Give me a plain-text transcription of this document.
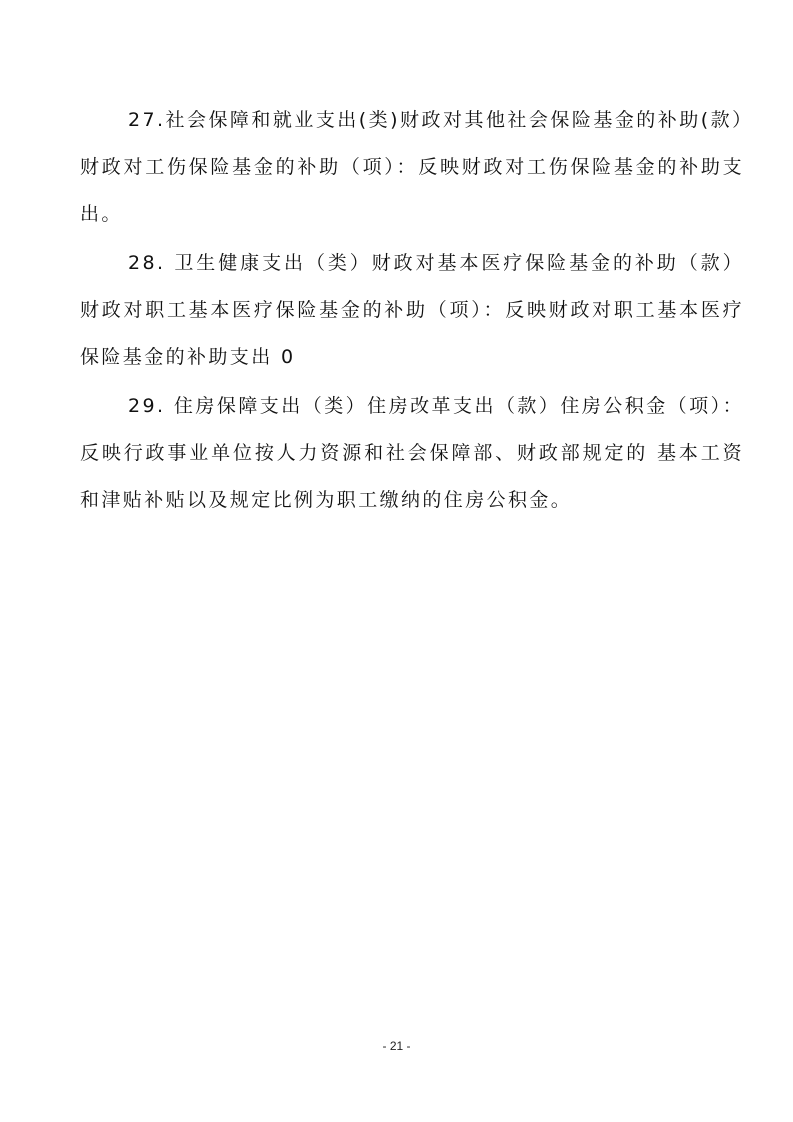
27.社会保障和就业支出(类)财政对其他社会保险基金的补助(款）财政对工伤保险基金的补助（项）：反映财政对工伤保险基金的补助支出。

28. 卫生健康支出（类）财政对基本医疗保险基金的补助（款）财政对职工基本医疗保险基金的补助（项）：反映财政对职工基本医疗保险基金的补助支出 0

29. 住房保障支出（类）住房改革支出（款）住房公积金（项）：反映行政事业单位按人力资源和社会保障部、财政部规定的 基本工资和津贴补贴以及规定比例为职工缴纳的住房公积金。

- 21 -
